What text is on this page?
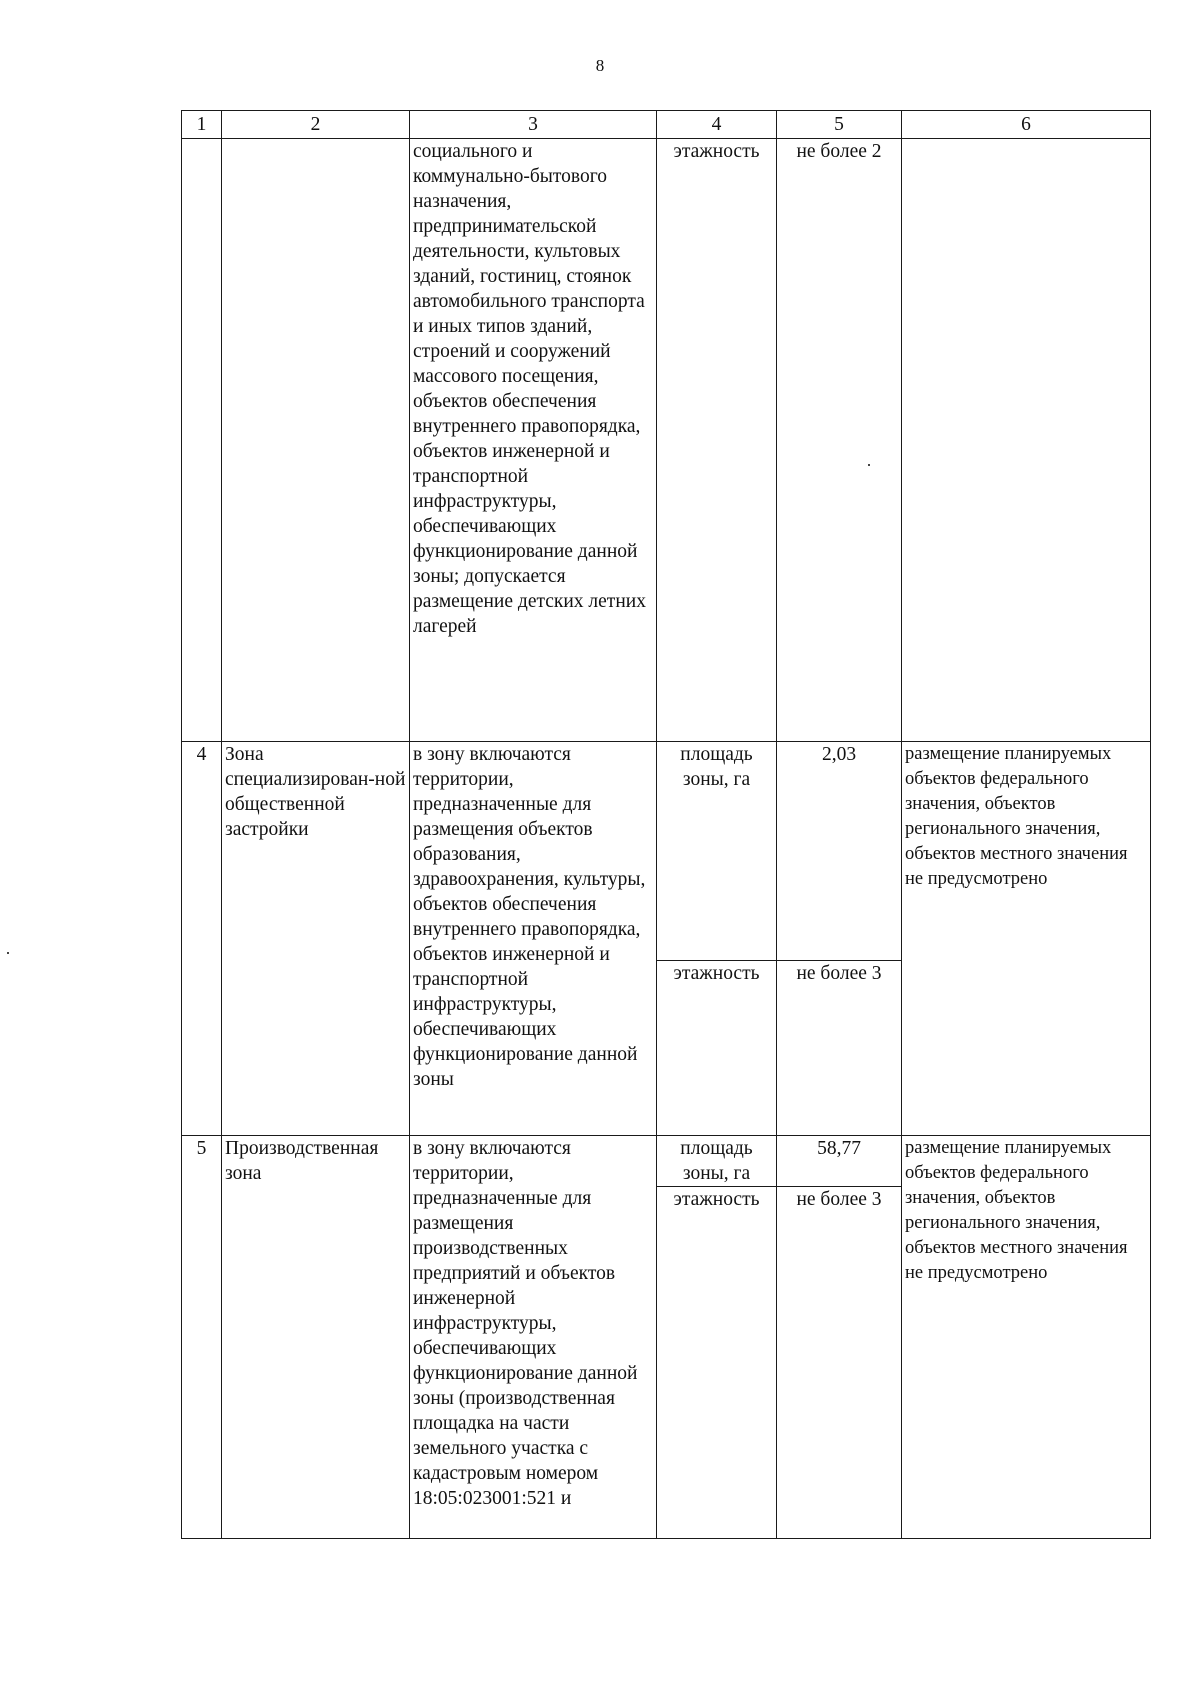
8
1	2	3	4	5	6
		социального и коммунально-бытового назначения, предпринимательской деятельности, культовых зданий, гостиниц, стоянок автомобильного транспорта и иных типов зданий, строений и сооружений массового посещения, объектов обеспечения внутреннего правопорядка, объектов инженерной и транспортной инфраструктуры, обеспечивающих функционирование данной зоны; допускается размещение детских летних лагерей	этажность	не более 2	
4	Зона специализирован-ной общественной застройки	в зону включаются территории, предназначенные для размещения объектов образования, здравоохранения, культуры, объектов обеспечения внутреннего правопорядка, объектов инженерной и транспортной инфраструктуры, обеспечивающих функционирование данной зоны	площадь зоны, га	2,03	размещение планируемых объектов федерального значения, объектов регионального значения, объектов местного значения не предусмотрено
			этажность	не более 3	
5	Производственная зона	в зону включаются территории, предназначенные для размещения производственных предприятий и объектов инженерной инфраструктуры, обеспечивающих функционирование данной зоны (производственная площадка на части земельного участка с кадастровым номером 18:05:023001:521 и	площадь зоны, га	58,77	размещение планируемых объектов федерального значения, объектов регионального значения, объектов местного значения не предусмотрено
			этажность	не более 3	
